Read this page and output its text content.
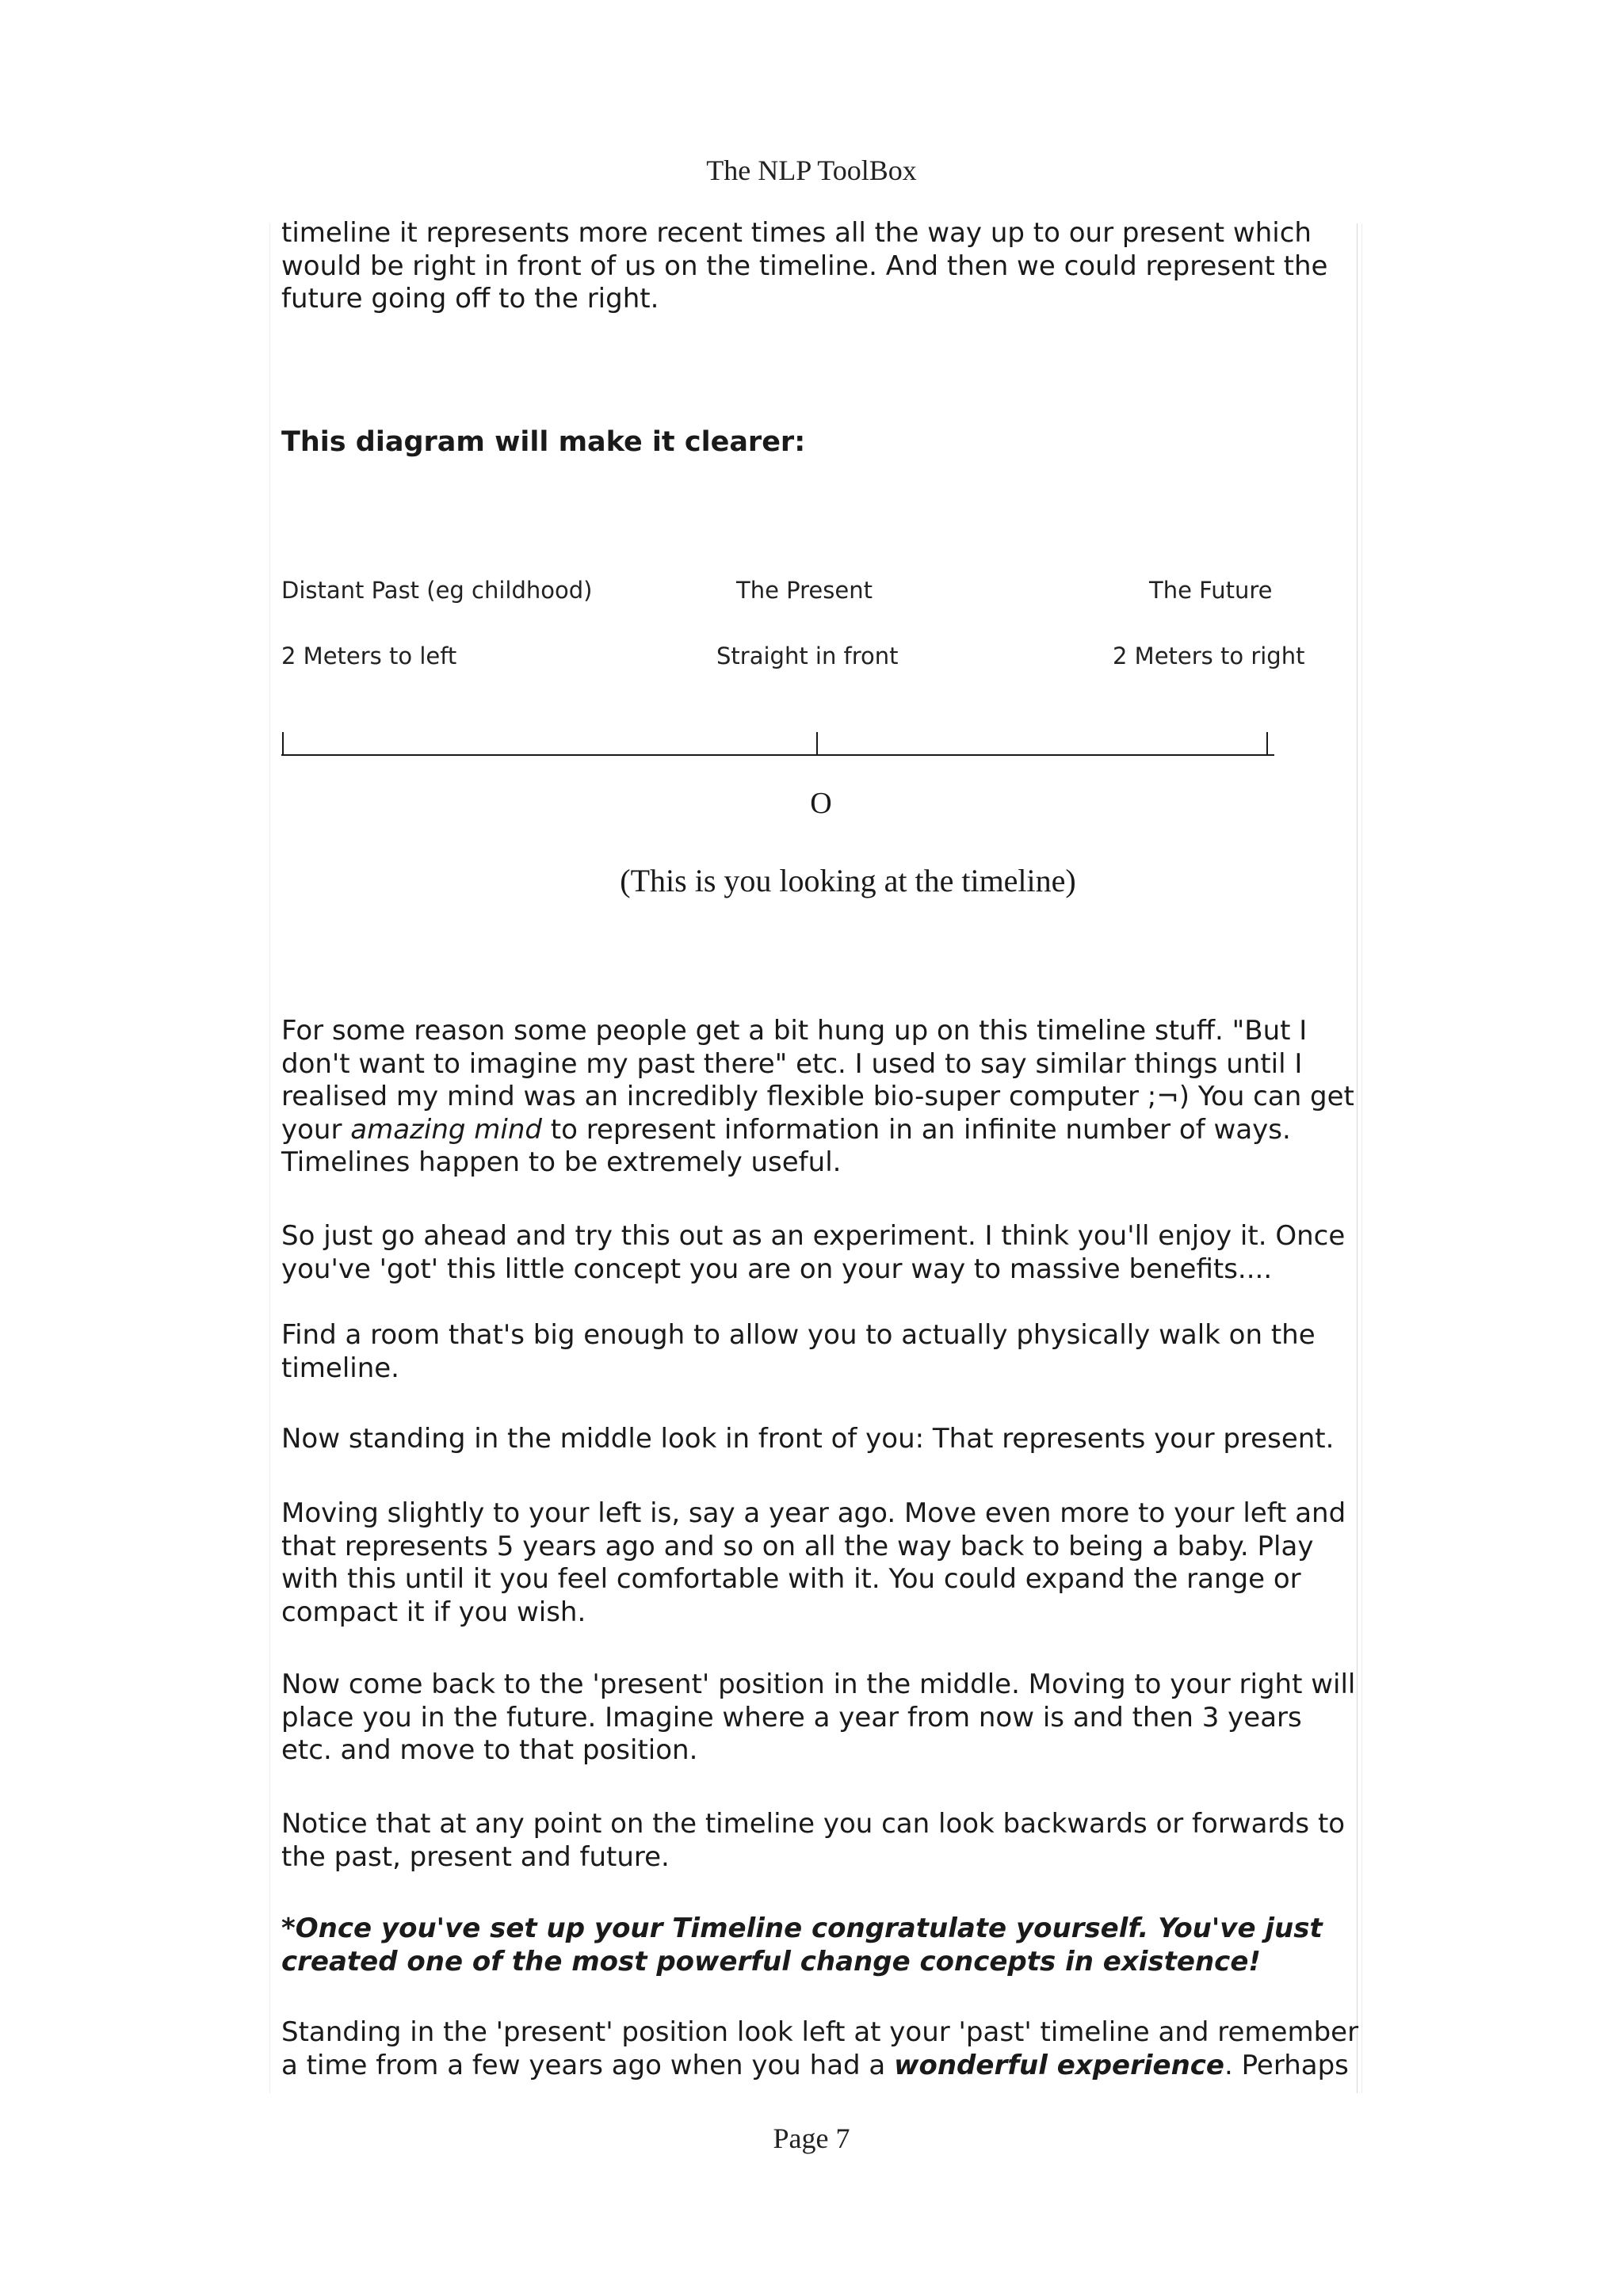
The NLP ToolBox
timeline it represents more recent times all the way up to our present which
would be right in front of us on the timeline. And then we could represent the
future going off to the right.
This diagram will make it clearer:
Distant Past (eg childhood)	The Present	The Future
2 Meters to left	Straight in front	2 Meters to right
O
(This is you looking at the timeline)
For some reason some people get a bit hung up on this timeline stuff. "But I
don't want to imagine my past there" etc. I used to say similar things until I
realised my mind was an incredibly flexible bio-super computer ;¬) You can get
your amazing mind to represent information in an infinite number of ways.
Timelines happen to be extremely useful.
So just go ahead and try this out as an experiment. I think you'll enjoy it. Once
you've 'got' this little concept you are on your way to massive benefits....
Find a room that's big enough to allow you to actually physically walk on the
timeline.
Now standing in the middle look in front of you: That represents your present.
Moving slightly to your left is, say a year ago. Move even more to your left and
that represents 5 years ago and so on all the way back to being a baby. Play
with this until it you feel comfortable with it. You could expand the range or
compact it if you wish.
Now come back to the 'present' position in the middle. Moving to your right will
place you in the future. Imagine where a year from now is and then 3 years
etc. and move to that position.
Notice that at any point on the timeline you can look backwards or forwards to
the past, present and future.
*Once you've set up your Timeline congratulate yourself. You've just
created one of the most powerful change concepts in existence!
Standing in the 'present' position look left at your 'past' timeline and remember
a time from a few years ago when you had a wonderful experience. Perhaps
Page 7
